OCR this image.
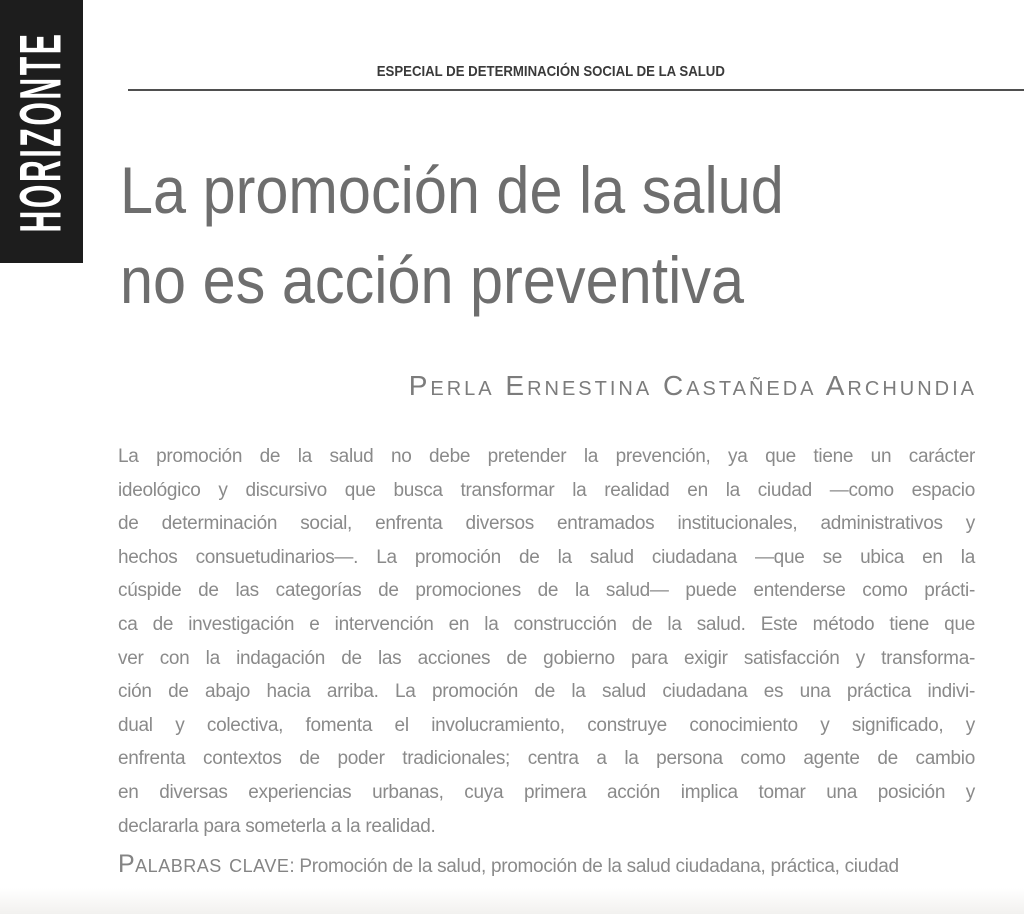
HORIZONTE	ESPECIAL DE DETERMINACIÓN SOCIAL DE LA SALUD
La promoción de la salud
no es acción preventiva
Perla Ernestina Castañeda Archundia
La promoción de la salud no debe pretender la prevención, ya que tiene un carácter
ideológico y discursivo que busca transformar la realidad en la ciudad —como espacio
de determinación social, enfrenta diversos entramados institucionales, administrativos y
hechos consuetudinarios—. La promoción de la salud ciudadana —que se ubica en la
cúspide de las categorías de promociones de la salud— puede entenderse como prácti-
ca de investigación e intervención en la construcción de la salud. Este método tiene que
ver con la indagación de las acciones de gobierno para exigir satisfacción y transforma-
ción de abajo hacia arriba. La promoción de la salud ciudadana es una práctica indivi-
dual y colectiva, fomenta el involucramiento, construye conocimiento y significado, y
enfrenta contextos de poder tradicionales; centra a la persona como agente de cambio
en diversas experiencias urbanas, cuya primera acción implica tomar una posición y
declararla para someterla a la realidad.
Palabras clave: Promoción de la salud, promoción de la salud ciudadana, práctica, ciudad
